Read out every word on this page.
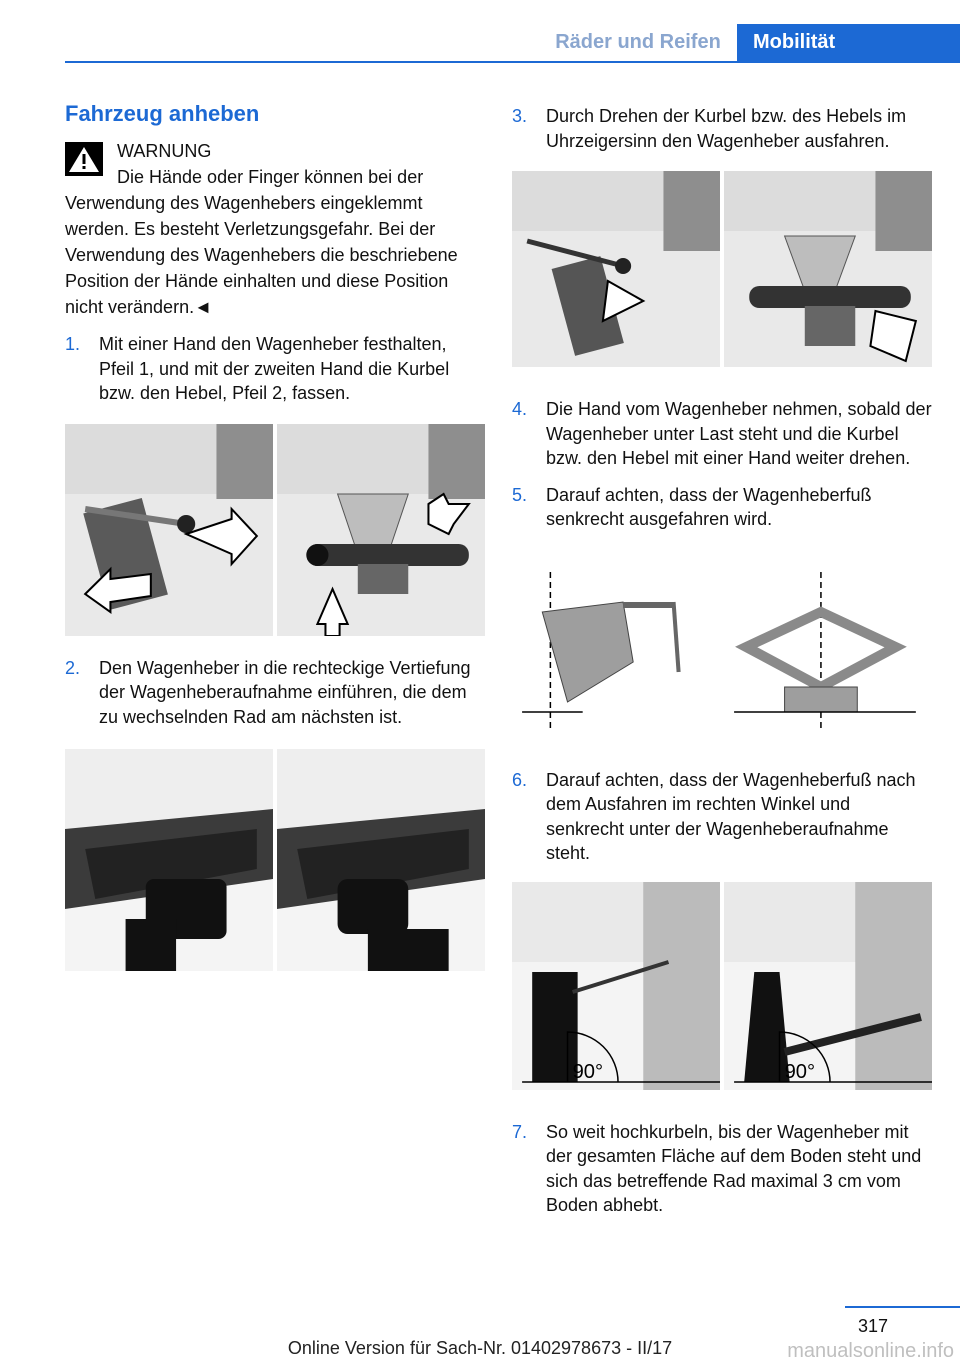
Räder und Reifen	Mobilität
Fahrzeug anheben
WARNUNG
Die Hände oder Finger können bei der Verwendung des Wagenhebers eingeklemmt werden. Es besteht Verletzungsgefahr. Bei der Verwendung des Wagenhebers die beschriebene Position der Hände einhalten und diese Position nicht verändern.◄
1.	Mit einer Hand den Wagenheber festhalten, Pfeil 1, und mit der zweiten Hand die Kurbel bzw. den Hebel, Pfeil 2, fassen.
2.	Den Wagenheber in die rechteckige Vertiefung der Wagenheberaufnahme einführen, die dem zu wechselnden Rad am nächsten ist.
3.	Durch Drehen der Kurbel bzw. des Hebels im Uhrzeigersinn den Wagenheber ausfahren.
4.	Die Hand vom Wagenheber nehmen, sobald der Wagenheber unter Last steht und die Kurbel bzw. den Hebel mit einer Hand weiter drehen.
5.	Darauf achten, dass der Wagenheberfuß senkrecht ausgefahren wird.
6.	Darauf achten, dass der Wagenheberfuß nach dem Ausfahren im rechten Winkel und senkrecht unter der Wagenheberaufnahme steht.
90°	90°
7.	So weit hochkurbeln, bis der Wagenheber mit der gesamten Fläche auf dem Boden steht und sich das betreffende Rad maximal 3 cm vom Boden abhebt.
317
Online Version für Sach-Nr. 01402978673 - II/17	manualsonline.info
